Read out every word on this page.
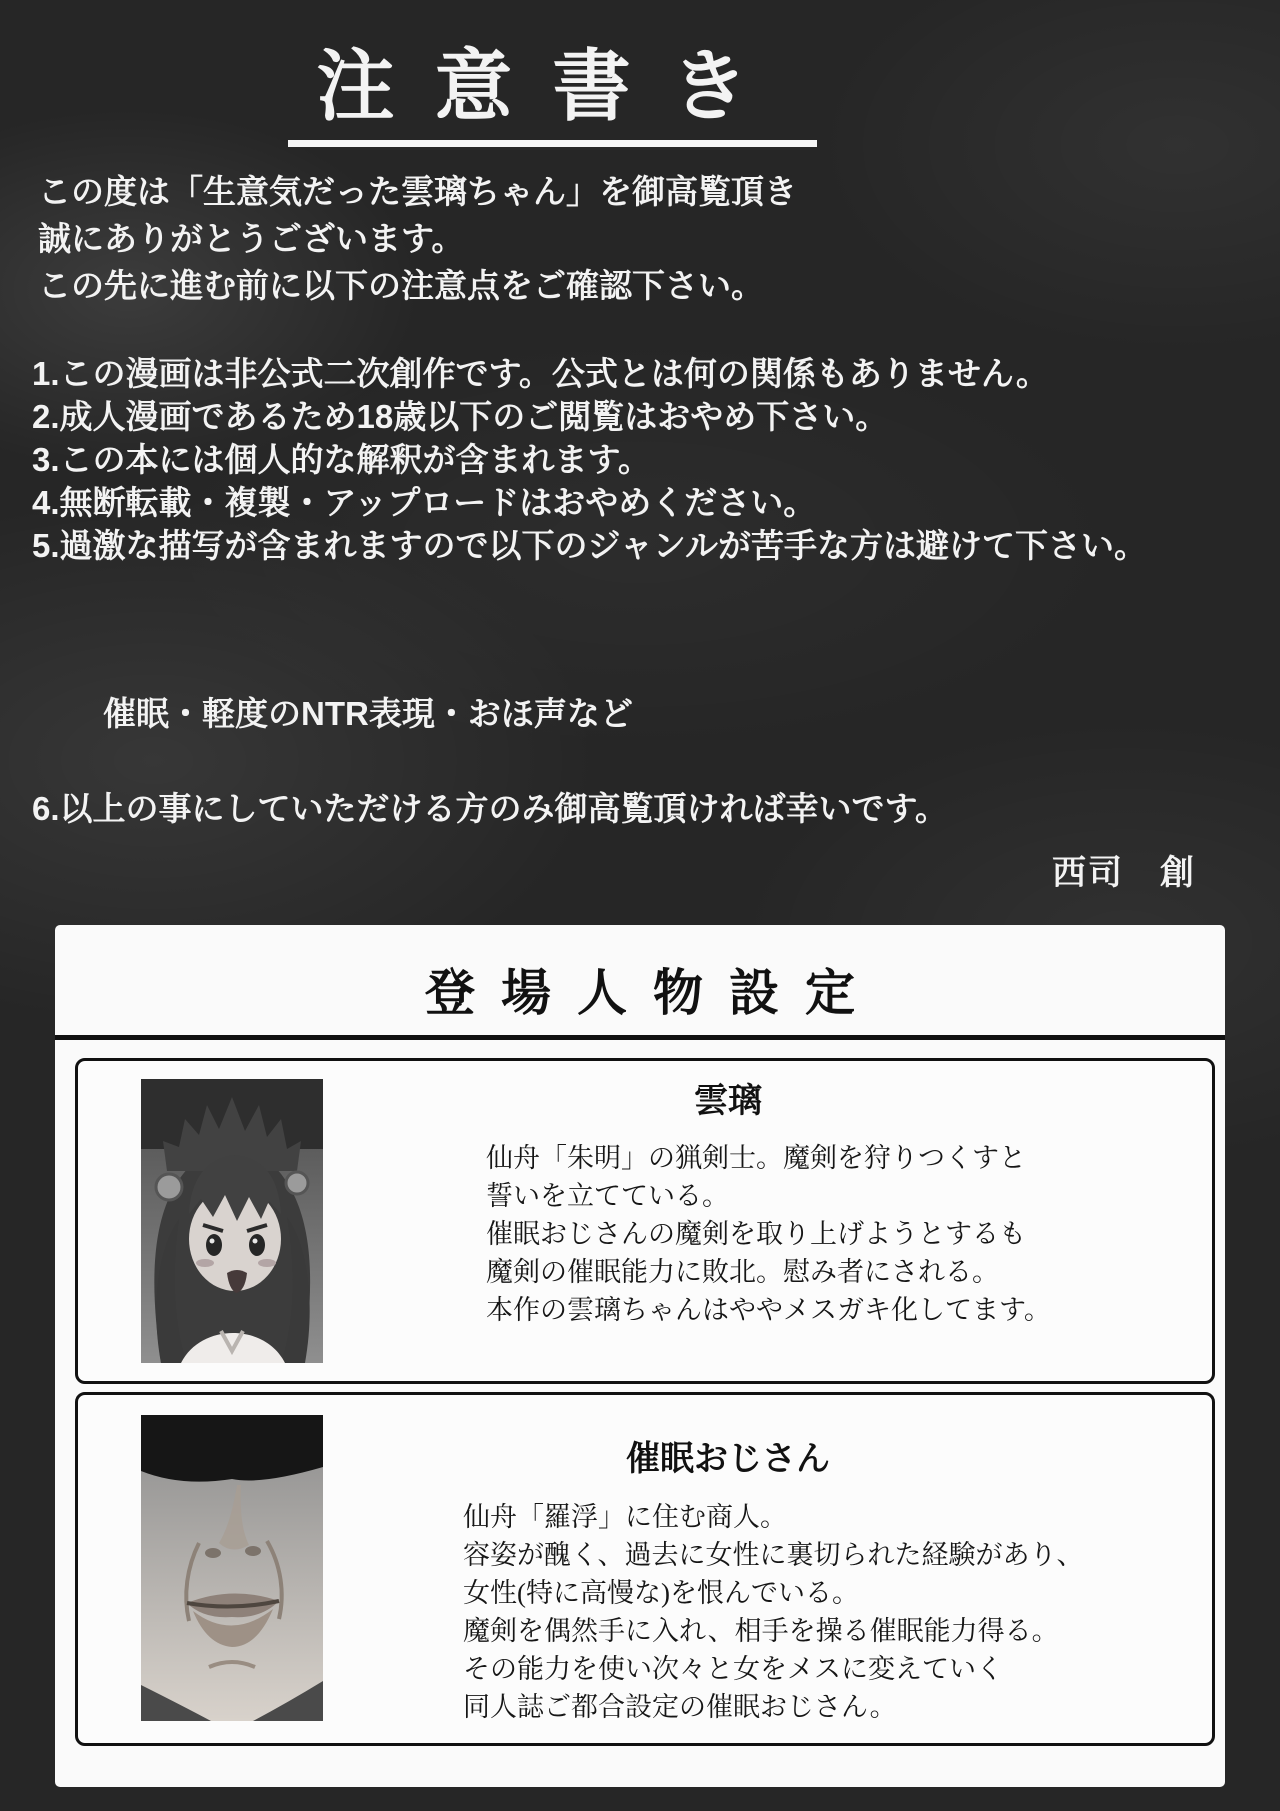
注意書き
この度は「生意気だった雲璃ちゃん」を御高覧頂き
誠にありがとうございます。
この先に進む前に以下の注意点をご確認下さい。
1.この漫画は非公式二次創作です。公式とは何の関係もありません。
2.成人漫画であるため18歳以下のご閲覧はおやめ下さい。
3.この本には個人的な解釈が含まれます。
4.無断転載・複製・アップロードはおやめください。
5.過激な描写が含まれますので以下のジャンルが苦手な方は避けて下さい。
催眠・軽度のNTR表現・おほ声など
6.以上の事にしていただける方のみ御高覧頂ければ幸いです。
西司　創
登場人物設定
雲璃
仙舟「朱明」の猟剣士。魔剣を狩りつくすと
誓いを立てている。
催眠おじさんの魔剣を取り上げようとするも
魔剣の催眠能力に敗北。慰み者にされる。
本作の雲璃ちゃんはややメスガキ化してます。
催眠おじさん
仙舟「羅浮」に住む商人。
容姿が醜く、過去に女性に裏切られた経験があり、
女性(特に高慢な)を恨んでいる。
魔剣を偶然手に入れ、相手を操る催眠能力得る。
その能力を使い次々と女をメスに変えていく
同人誌ご都合設定の催眠おじさん。
